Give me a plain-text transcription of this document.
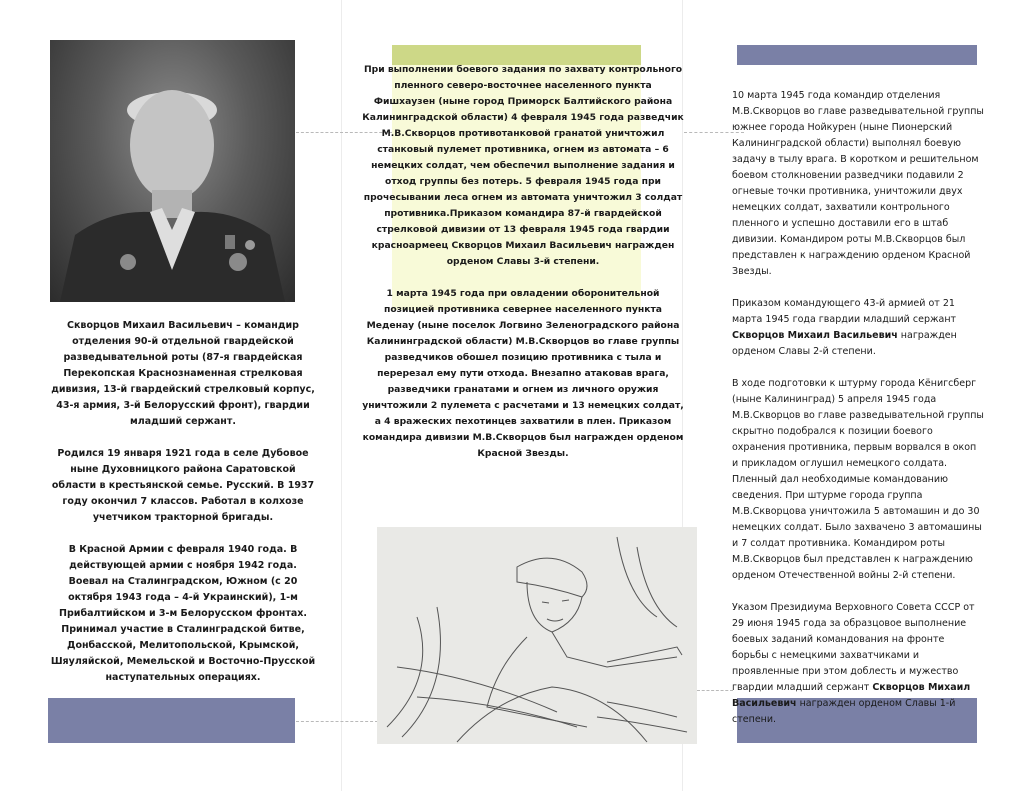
Скворцов Михаил Васильевич – командир отделения 90-й отдельной гвардейской разведывательной роты (87-я гвардейская Перекопская Краснознаменная стрелковая дивизия, 13-й гвардейский стрелковый корпус, 43-я армия, 3-й Белорусский фронт), гвардии младший сержант.

Родился 19 января 1921 года в селе Дубовое ныне Духовницкого района Саратовской области в крестьянской семье. Русский. В 1937 году окончил 7 классов. Работал в колхозе учетчиком тракторной бригады.

В Красной Армии с февраля 1940 года. В действующей армии с ноября 1942 года. Воевал на Сталинградском, Южном (с 20 октября 1943 года – 4-й Украинский), 1-м Прибалтийском и 3-м Белорусском фронтах. Принимал участие в Сталинградской битве, Донбасской, Мелитопольской, Крымской, Шяуляйской, Мемельской и Восточно-Прусской наступательных операциях.

При выполнении боевого задания по захвату контрольного пленного северо-восточнее населенного пункта Фишхаузен (ныне город Приморск Балтийского района Калининградской области) 4 февраля 1945 года разведчик М.В.Скворцов противотанковой гранатой уничтожил станковый пулемет противника, огнем из автомата – 6 немецких солдат, чем обеспечил выполнение задания и отход группы без потерь. 5 февраля 1945 года при прочесывании леса огнем из автомата уничтожил 3 солдат противника.Приказом командира 87-й гвардейской стрелковой дивизии от 13 февраля 1945 года гвардии красноармеец Скворцов Михаил Васильевич награжден орденом Славы 3-й степени.

1 марта 1945 года при овладении оборонительной позицией противника севернее населенного пункта Меденау (ныне поселок Логвино Зеленоградского района Калининградской области) М.В.Скворцов во главе группы разведчиков обошел позицию противника с тыла и перерезал ему пути отхода. Внезапно атаковав врага, разведчики гранатами и огнем из личного оружия уничтожили 2 пулемета с расчетами и 13 немецких солдат, а 4 вражеских пехотинцев захватили в плен. Приказом командира дивизии М.В.Скворцов был награжден орденом Красной Звезды.

10 марта 1945 года командир отделения М.В.Скворцов во главе разведывательной группы южнее города Нойкурен (ныне Пионерский Калининградской области) выполнял боевую задачу в тылу врага. В коротком и решительном боевом столкновении разведчики подавили 2 огневые точки противника, уничтожили двух немецких солдат, захватили контрольного пленного и успешно доставили его в штаб дивизии. Командиром роты М.В.Скворцов был представлен к награждению орденом Красной Звезды.

Приказом командующего 43-й армией от 21 марта 1945 года гвардии младший сержант Скворцов Михаил Васильевич награжден орденом Славы 2-й степени.

В ходе подготовки к штурму города Кёнигсберг (ныне Калининград) 5 апреля 1945 года М.В.Скворцов во главе разведывательной группы скрытно подобрался к позиции боевого охранения противника, первым ворвался в окоп и прикладом оглушил немецкого солдата. Пленный дал необходимые командованию сведения. При штурме города группа М.В.Скворцова уничтожила 5 автомашин и до 30 немецких солдат. Было захвачено 3 автомашины и 7 солдат противника. Командиром роты М.В.Скворцов был представлен к награждению орденом Отечественной войны 2-й степени.

Указом Президиума Верховного Совета СССР от 29 июня 1945 года за образцовое выполнение боевых заданий командования на фронте борьбы с немецкими захватчиками и проявленные при этом доблесть и мужество гвардии младший сержант Скворцов Михаил Васильевич награжден орденом Славы 1-й степени.
